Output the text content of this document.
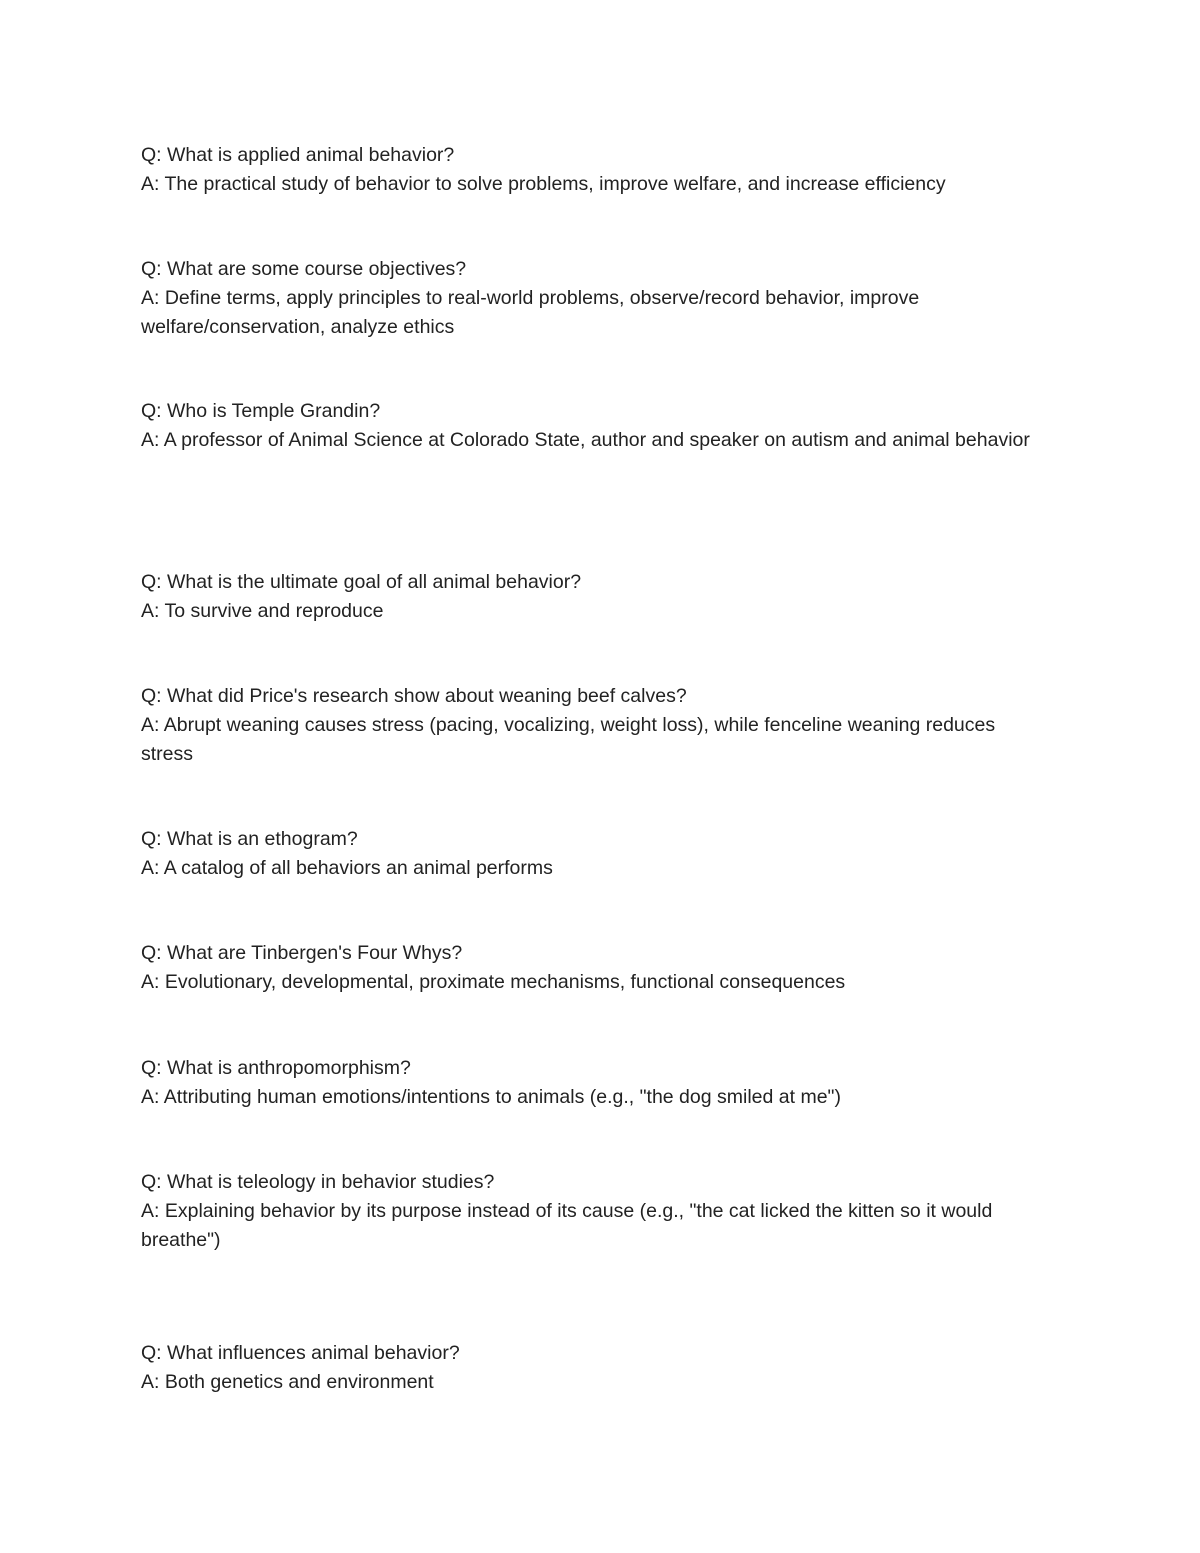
Q: What is applied animal behavior?

A: The practical study of behavior to solve problems, improve welfare, and increase efficiency

Q: What are some course objectives?

A: Define terms, apply principles to real-world problems, observe/record behavior, improve welfare/conservation, analyze ethics

Q: Who is Temple Grandin?

A: A professor of Animal Science at Colorado State, author and speaker on autism and animal behavior

Q: What is the ultimate goal of all animal behavior?

A: To survive and reproduce

Q: What did Price's research show about weaning beef calves?

A: Abrupt weaning causes stress (pacing, vocalizing, weight loss), while fenceline weaning reduces stress

Q: What is an ethogram?

A: A catalog of all behaviors an animal performs

Q: What are Tinbergen's Four Whys?

A: Evolutionary, developmental, proximate mechanisms, functional consequences

Q: What is anthropomorphism?

A: Attributing human emotions/intentions to animals (e.g., "the dog smiled at me")

Q: What is teleology in behavior studies?

A: Explaining behavior by its purpose instead of its cause (e.g., "the cat licked the kitten so it would breathe")

Q: What influences animal behavior?

A: Both genetics and environment
